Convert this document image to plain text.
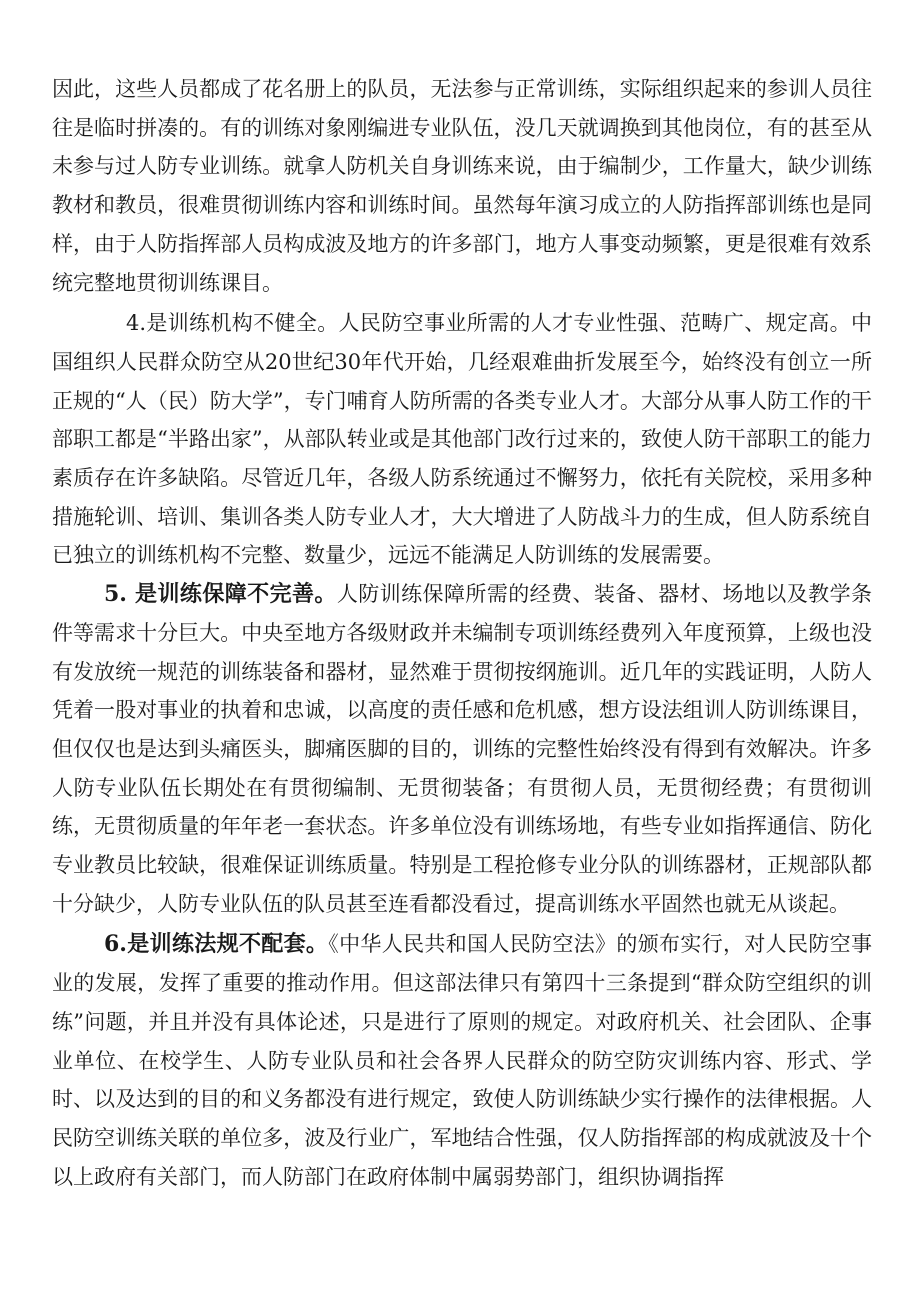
因此，这些人员都成了花名册上的队员，无法参与正常训练，实际组织起来的参训人员往往是临时拼凑的。有的训练对象刚编进专业队伍，没几天就调换到其他岗位，有的甚至从未参与过人防专业训练。就拿人防机关自身训练来说，由于编制少，工作量大，缺少训练教材和教员，很难贯彻训练内容和训练时间。虽然每年演习成立的人防指挥部训练也是同样，由于人防指挥部人员构成波及地方的许多部门，地方人事变动频繁，更是很难有效系统完整地贯彻训练课目。

4.是训练机构不健全。人民防空事业所需的人才专业性强、范畴广、规定高。中国组织人民群众防空从20世纪30年代开始，几经艰难曲折发展至今，始终没有创立一所正规的“人（民）防大学”，专门哺育人防所需的各类专业人才。大部分从事人防工作的干部职工都是“半路出家”，从部队转业或是其他部门改行过来的，致使人防干部职工的能力素质存在许多缺陷。尽管近几年，各级人防系统通过不懈努力，依托有关院校，采用多种措施轮训、培训、集训各类人防专业人才，大大增进了人防战斗力的生成，但人防系统自已独立的训练机构不完整、数量少，远远不能满足人防训练的发展需要。

5. 是训练保障不完善。人防训练保障所需的经费、装备、器材、场地以及教学条件等需求十分巨大。中央至地方各级财政并未编制专项训练经费列入年度预算，上级也没有发放统一规范的训练装备和器材，显然难于贯彻按纲施训。近几年的实践证明，人防人凭着一股对事业的执着和忠诚，以高度的责任感和危机感，想方设法组训人防训练课目，但仅仅也是达到头痛医头，脚痛医脚的目的，训练的完整性始终没有得到有效解决。许多人防专业队伍长期处在有贯彻编制、无贯彻装备；有贯彻人员，无贯彻经费；有贯彻训练，无贯彻质量的年年老一套状态。许多单位没有训练场地，有些专业如指挥通信、防化专业教员比较缺，很难保证训练质量。特别是工程抢修专业分队的训练器材，正规部队都十分缺少，人防专业队伍的队员甚至连看都没看过，提高训练水平固然也就无从谈起。

6.是训练法规不配套。《中华人民共和国人民防空法》的颁布实行，对人民防空事业的发展，发挥了重要的推动作用。但这部法律只有第四十三条提到“群众防空组织的训练”问题，并且并没有具体论述，只是进行了原则的规定。对政府机关、社会团队、企事业单位、在校学生、人防专业队员和社会各界人民群众的防空防灾训练内容、形式、学时、以及达到的目的和义务都没有进行规定，致使人防训练缺少实行操作的法律根据。人民防空训练关联的单位多，波及行业广，军地结合性强，仅人防指挥部的构成就波及十个以上政府有关部门，而人防部门在政府体制中属弱势部门，组织协调指挥
